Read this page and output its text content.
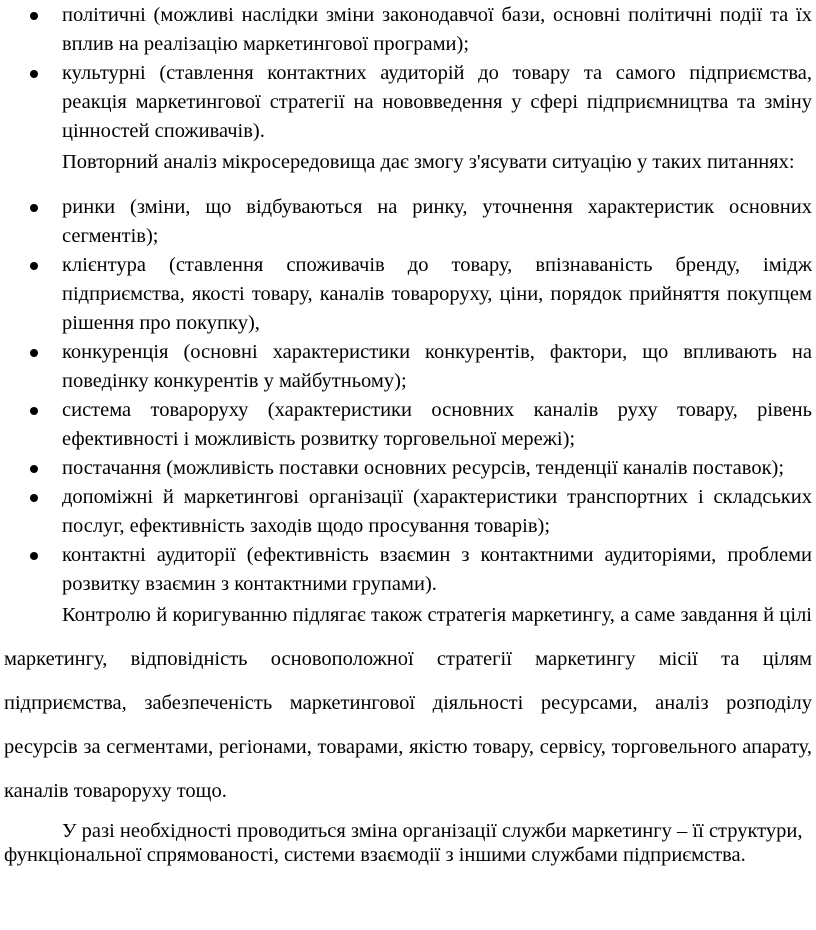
політичні (можливі наслідки зміни законодавчої бази, основні політичні події та їх вплив на реалізацію маркетингової програми);
культурні (ставлення контактних аудиторій до товару та самого підприємства, реакція маркетингової стратегії на нововведення у сфері підприємництва та зміну цінностей споживачів).

Повторний аналіз мікросередовища дає змогу з'ясувати ситуацію у таких питаннях:

ринки (зміни, що відбуваються на ринку, уточнення характеристик основних сегментів);
клієнтура (ставлення споживачів до товару, впізнаваність бренду, імідж підприємства, якості товару, каналів товароруху, ціни, порядок прийняття покупцем рішення про покупку),
конкуренція (основні характеристики конкурентів, фактори, що впливають на поведінку конкурентів у майбутньому);
система товароруху (характеристики основних каналів руху товару, рівень ефективності і можливість розвитку торговельної мережі);
постачання (можливість поставки основних ресурсів, тенденції каналів поставок);
допоміжні й маркетингові організації (характеристики транспортних і складських послуг, ефективність заходів щодо просування товарів);
контактні аудиторії (ефективність взаємин з контактними аудиторіями, проблеми розвитку взаємин з контактними групами).

Контролю й коригуванню підлягає також стратегія маркетингу, а саме завдання й цілі маркетингу, відповідність основоположної стратегії маркетингу місії та цілям підприємства, забезпеченість маркетингової діяльності ресурсами, аналіз розподілу ресурсів за сегментами, регіонами, товарами, якістю товару, сервісу, торговельного апарату, каналів товароруху тощо.

У разі необхідності проводиться зміна організації служби маркетингу – її структури, функціональної спрямованості, системи взаємодії з іншими службами підприємства.
